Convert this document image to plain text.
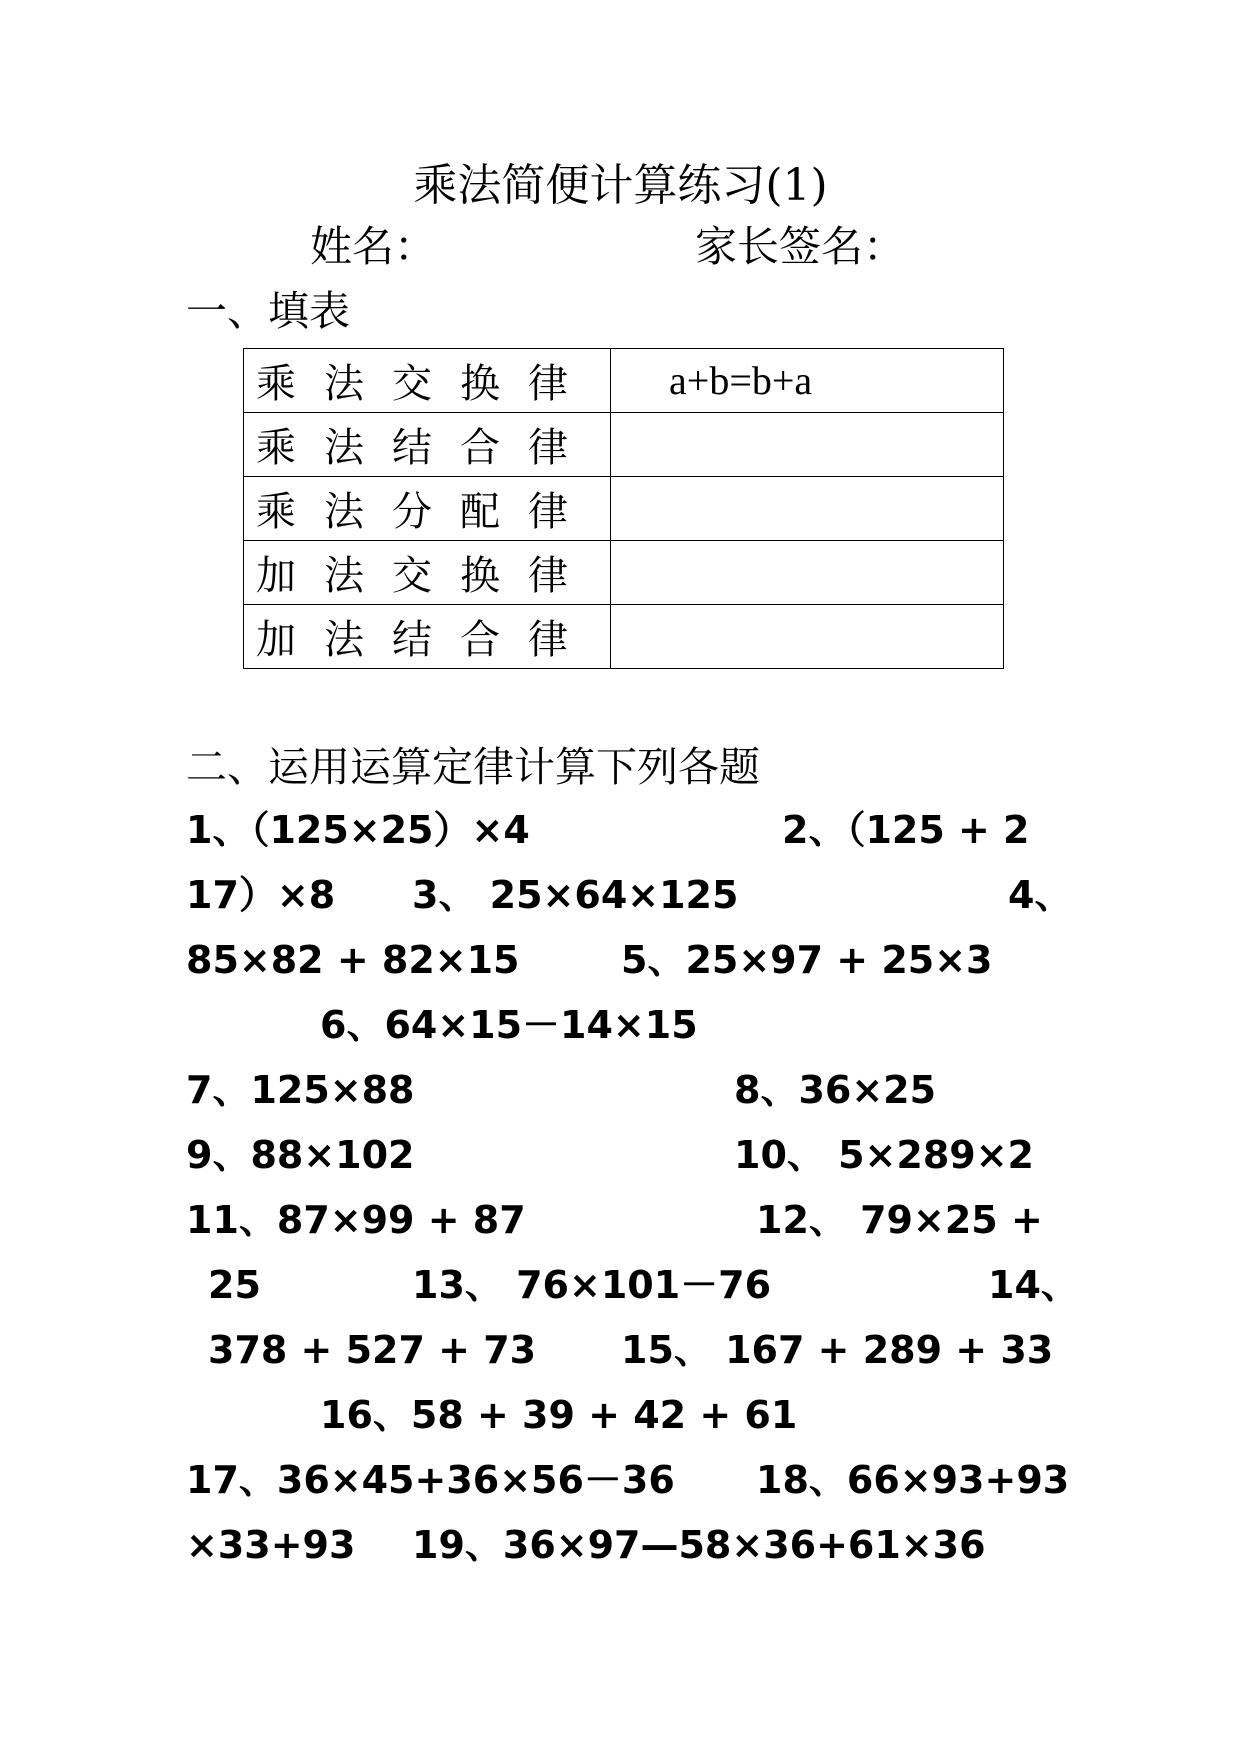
乘法简便计算练习(1)
姓名：	家长签名：
一、填表
乘法交换律	a+b=b+a
乘法结合律	
乘法分配律	
加法交换律	
加法结合律	
二、运用运算定律计算下列各题
1、（125×25）×4	2、（125 + 2
17）×8 3、 25×64×125	4、
85×82 + 82×15	5、25×97 + 25×3
6、64×15－14×15
7、125×88	8、36×25
9、88×102	10、 5×289×2
11、87×99 + 87	12、 79×25 +
25	13、 76×101－76	14、
378 + 527 + 73 15、 167 + 289 + 33
16、58 + 39 + 42 + 61
17、36×45+36×56－36 18、66×93+93
×33+93 19、36×97—58×36+61×36
